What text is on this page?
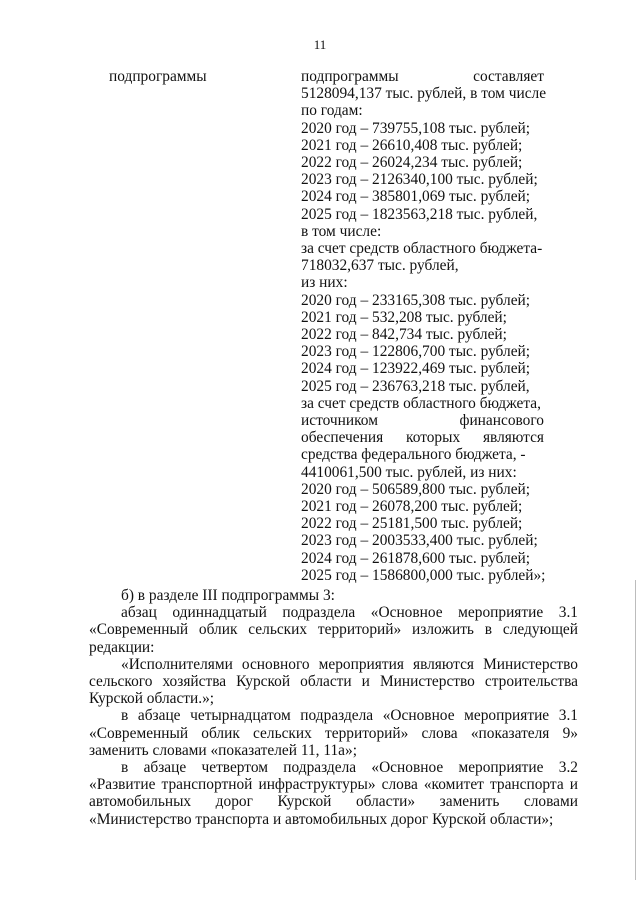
11
подпрограммы	подпрограммы	составляет
5128094,137 тыс. рублей, в том числе
по годам:
2020 год – 739755,108 тыс. рублей;
2021 год – 26610,408 тыс. рублей;
2022 год – 26024,234 тыс. рублей;
2023 год – 2126340,100 тыс. рублей;
2024 год – 385801,069 тыс. рублей;
2025 год – 1823563,218 тыс. рублей,
в том числе:
за счет средств областного бюджета-
718032,637 тыс. рублей,
из них:
2020 год – 233165,308 тыс. рублей;
2021 год – 532,208 тыс. рублей;
2022 год – 842,734 тыс. рублей;
2023 год – 122806,700 тыс. рублей;
2024 год – 123922,469 тыс. рублей;
2025 год – 236763,218 тыс. рублей,
за счет средств областного бюджета,
источником финансового
обеспечения которых являются
средства федерального бюджета, -
4410061,500 тыс. рублей, из них:
2020 год – 506589,800 тыс. рублей;
2021 год – 26078,200 тыс. рублей;
2022 год – 25181,500 тыс. рублей;
2023 год – 2003533,400 тыс. рублей;
2024 год – 261878,600 тыс. рублей;
2025 год – 1586800,000 тыс. рублей»;

б) в разделе III подпрограммы 3:

абзац одиннадцатый подраздела «Основное мероприятие 3.1 «Современный облик сельских территорий» изложить в следующей редакции:

«Исполнителями основного мероприятия являются Министерство сельского хозяйства Курской области и Министерство строительства Курской области.»;

в абзаце четырнадцатом подраздела «Основное мероприятие 3.1 «Современный облик сельских территорий» слова «показателя 9» заменить словами «показателей 11, 11а»;

в абзаце четвертом подраздела «Основное мероприятие 3.2 «Развитие транспортной инфраструктуры» слова «комитет транспорта и автомобильных дорог Курской области» заменить словами «Министерство транспорта и автомобильных дорог Курской области»;
